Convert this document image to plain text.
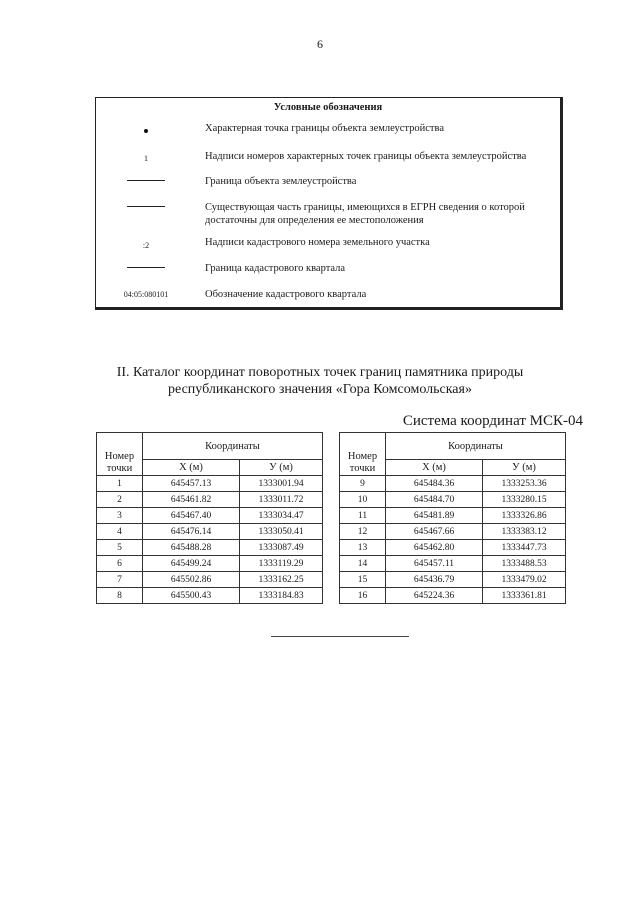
6
Условные обозначения
Характерная точка границы объекта землеустройства
1	Надписи номеров характерных точек границы объекта землеустройства
Граница объекта землеустройства
Существующая часть границы, имеющихся в ЕГРН сведения о которой достаточны для определения ее местоположения
:2	Надписи кадастрового номера земельного участка
Граница кадастрового квартала
04:05:080101	Обозначение кадастрового квартала
II. Каталог координат поворотных точек границ памятника природы
республиканского значения «Гора Комсомольская»
Система координат МСК-04
Номер точки	Координаты	
	X (м)	У (м)
1	645457.13	1333001.94
2	645461.82	1333011.72
3	645467.40	1333034.47
4	645476.14	1333050.41
5	645488.28	1333087.49
6	645499.24	1333119.29
7	645502.86	1333162.25
8	645500.43	1333184.83
Номер точки	Координаты	
	X (м)	У (м)
9	645484.36	1333253.36
10	645484.70	1333280.15
11	645481.89	1333326.86
12	645467.66	1333383.12
13	645462.80	1333447.73
14	645457.11	1333488.53
15	645436.79	1333479.02
16	645224.36	1333361.81
